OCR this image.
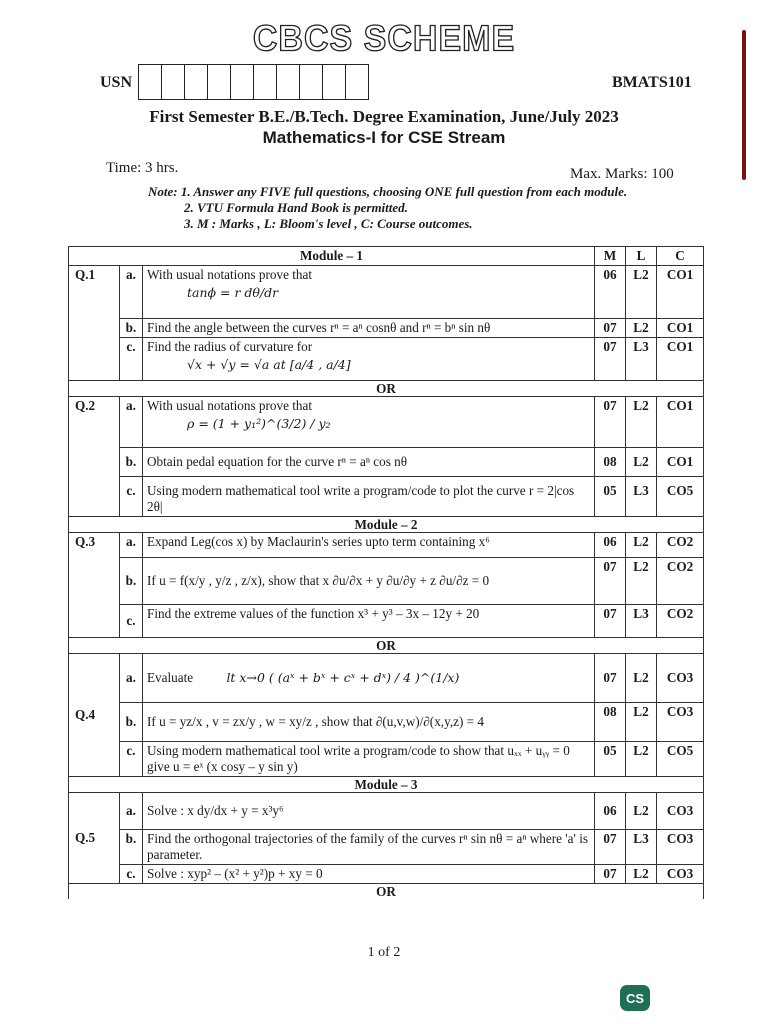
CBCS SCHEME
USN	BMATS101
First Semester B.E./B.Tech. Degree Examination, June/July 2023
Mathematics-I for CSE Stream
Time: 3 hrs.	Max. Marks: 100
Note: 1. Answer any FIVE full questions, choosing ONE full question from each module.
2. VTU Formula Hand Book is permitted.
3. M : Marks , L: Bloom's level , C: Course outcomes.
Module – 1			M	L	C
Q.1	a.	With usual notations prove that
tanϕ = r dθ/dr	06	L2	CO1
	b.	Find the angle between the curves rⁿ = aⁿ cosnθ and rⁿ = bⁿ sin nθ	07	L2	CO1
	c.	Find the radius of curvature for
√x + √y = √a at [a/4 , a/4]	07	L3	CO1
OR					
Q.2	a.	With usual notations prove that
ρ = (1 + y₁²)^(3/2) / y₂	07	L2	CO1
	b.	Obtain pedal equation for the curve rⁿ = aⁿ cos nθ	08	L2	CO1
	c.	Using modern mathematical tool write a program/code to plot the curve r = 2|cos 2θ|	05	L3	CO5
Module – 2					
Q.3	a.	Expand Leg(cos x) by Maclaurin's series upto term containing x⁶	06	L2	CO2
	b.	If u = f(x/y , y/z , z/x), show that x ∂u/∂x + y ∂u/∂y + z ∂u/∂z = 0	07	L2	CO2
	c.	Find the extreme values of the function x³ + y³ – 3x – 12y + 20	07	L3	CO2
OR					
Q.4	a.	Evaluate lt x→0 ( (aˣ + bˣ + cˣ + dˣ) / 4 )^(1/x)	07	L2	CO3
	b.	If u = yz/x , v = zx/y , w = xy/z , show that ∂(u,v,w)/∂(x,y,z) = 4	08	L2	CO3
	c.	Using modern mathematical tool write a program/code to show that uₓₓ + uᵧᵧ = 0 give u = eˣ (x cosy – y sin y)	05	L2	CO5
Module – 3					
Q.5	a.	Solve : x dy/dx + y = x³y⁶	06	L2	CO3
	b.	Find the orthogonal trajectories of the family of the curves rⁿ sin nθ = aⁿ where 'a' is parameter.	07	L3	CO3
	c.	Solve : xyp² – (x² + y²)p + xy = 0	07	L2	CO3
OR					
1 of 2
CS
